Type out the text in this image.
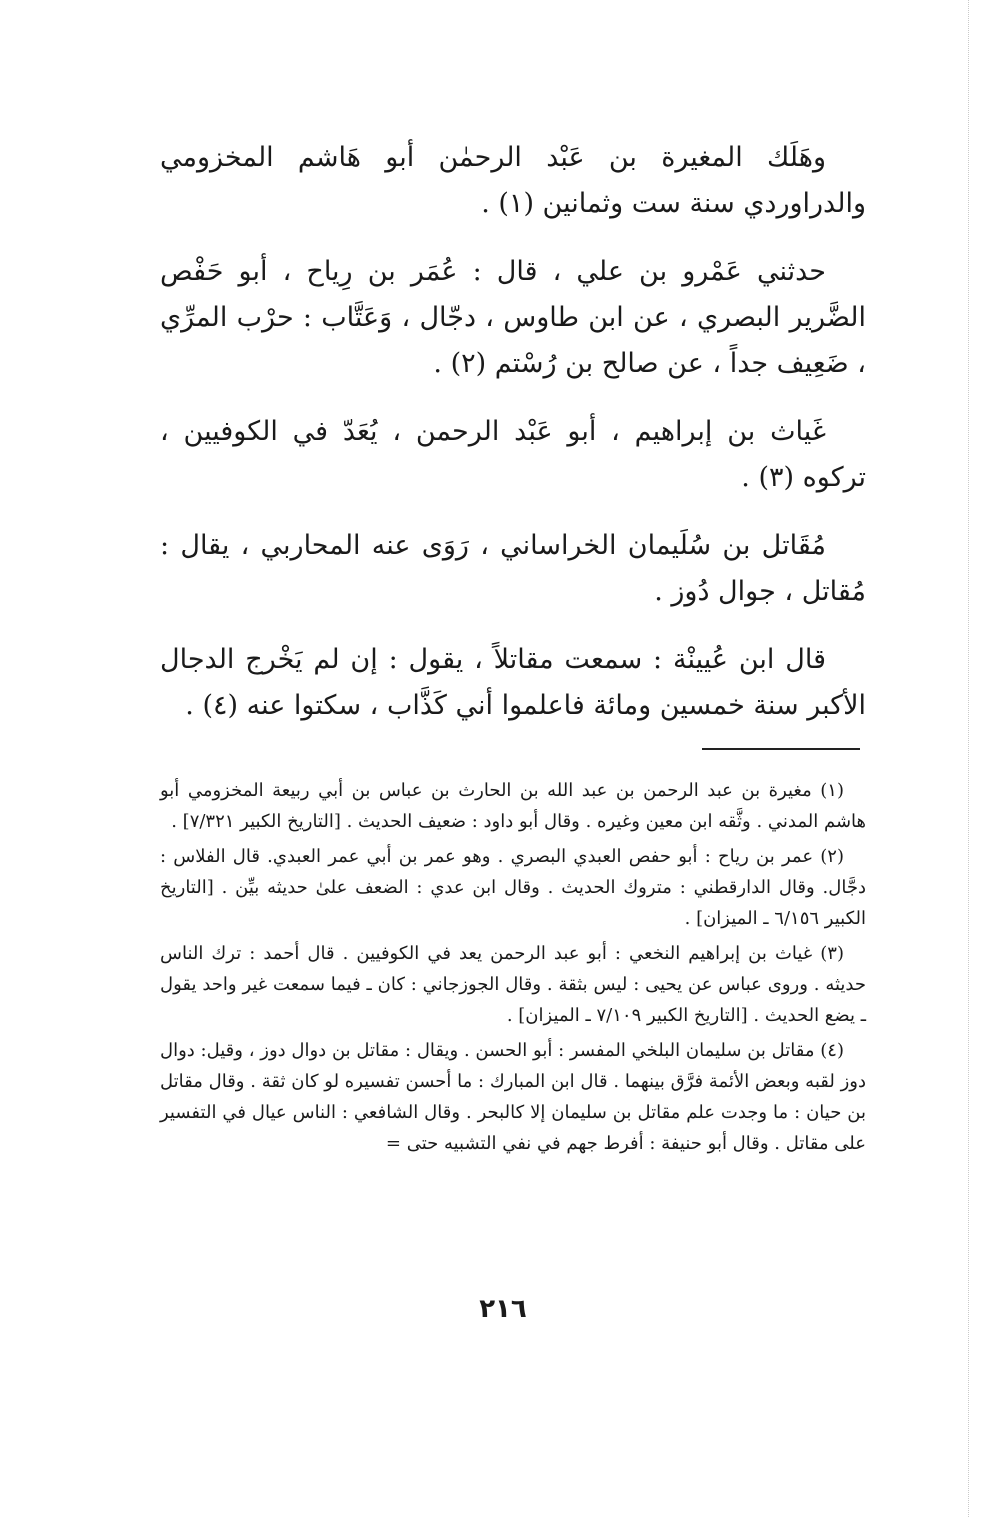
وهَلَك المغيرة بن عَبْد الرحمٰن أبو هَاشم المخزومي والدراوردي سنة ست وثمانين (١) .

حدثني عَمْرو بن علي ، قال : عُمَر بن رِياح ، أبو حَفْص الضَّرير البصري ، عن ابن طاوس ، دجّال ، وَعَتَّاب : حرْب المرِّي ، ضَعِيف جداً ، عن صالح بن رُسْتم (٢) .

غَياث بن إبراهيم ، أبو عَبْد الرحمن ، يُعَدّ في الكوفيين ، تركوه (٣) .

مُقَاتل بن سُلَيمان الخراساني ، رَوَى عنه المحاربي ، يقال : مُقاتل ، جوال دُوز .

قال ابن عُيينْة : سمعت مقاتلاً ، يقول : إن لم يَخْرج الدجال الأكبر سنة خمسين ومائة فاعلموا أني كَذَّاب ، سكتوا عنه (٤) .

(١) مغيرة بن عبد الرحمن بن عبد الله بن الحارث بن عباس بن أبي ربيعة المخزومي أبو هاشم المدني . وثَّقه ابن معين وغيره . وقال أبو داود : ضعيف الحديث . [التاريخ الكبير ٧/٣٢١] .

(٢) عمر بن رياح : أبو حفص العبدي البصري . وهو عمر بن أبي عمر العبدي. قال الفلاس : دجَّال. وقال الدارقطني : متروك الحديث . وقال ابن عدي : الضعف علىٰ حديثه بيِّن . [التاريخ الكبير ٦/١٥٦ ـ الميزان] .

(٣) غياث بن إبراهيم النخعي : أبو عبد الرحمن يعد في الكوفيين . قال أحمد : ترك الناس حديثه . وروى عباس عن يحيى : ليس بثقة . وقال الجوزجاني : كان ـ فيما سمعت غير واحد يقول ـ يضع الحديث . [التاريخ الكبير ٧/١٠٩ ـ الميزان] .

(٤) مقاتل بن سليمان البلخي المفسر : أبو الحسن . ويقال : مقاتل بن دوال دوز ، وقيل: دوال دوز لقبه وبعض الأئمة فرَّق بينهما . قال ابن المبارك : ما أحسن تفسيره لو كان ثقة . وقال مقاتل بن حيان : ما وجدت علم مقاتل بن سليمان إلا كالبحر . وقال الشافعي : الناس عيال في التفسير على مقاتل . وقال أبو حنيفة : أفرط جهم في نفي التشبيه حتى =

٢١٦
